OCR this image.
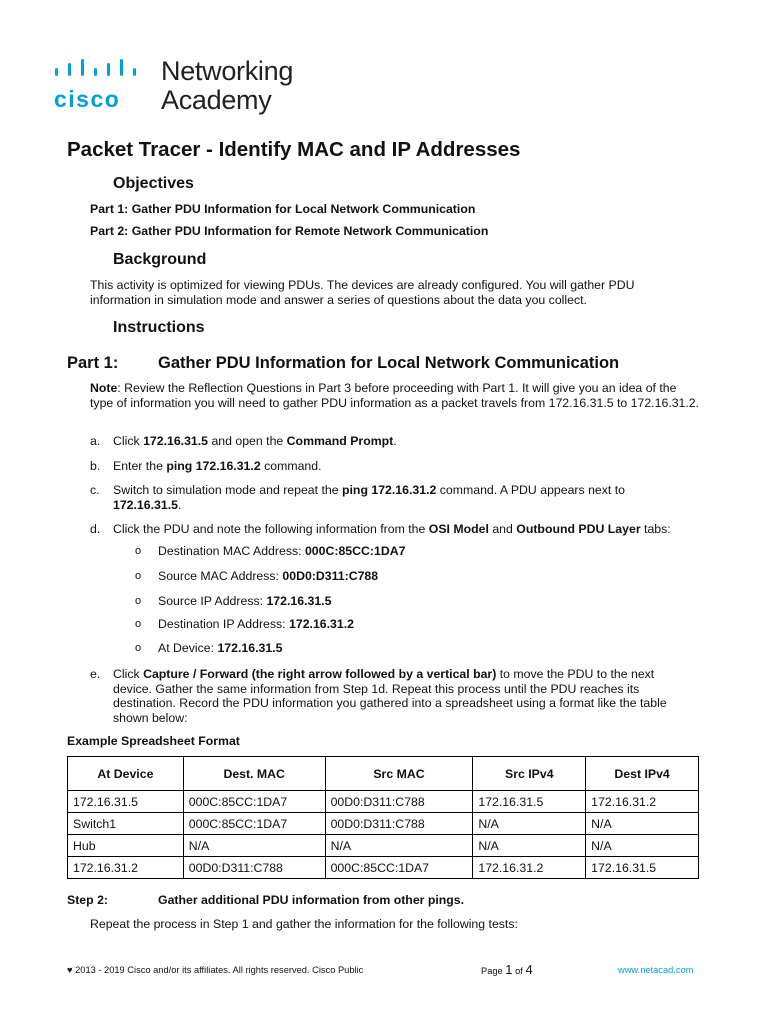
cisco.
Networking
Academy
Packet Tracer - Identify MAC and IP Addresses
Objectives
Part 1: Gather PDU Information for Local Network Communication
Part 2: Gather PDU Information for Remote Network Communication
Background
This activity is optimized for viewing PDUs. The devices are already configured. You will gather PDU information in simulation mode and answer a series of questions about the data you collect.
Instructions
Part 1: Gather PDU Information for Local Network Communication
Note: Review the Reflection Questions in Part 3 before proceeding with Part 1. It will give you an idea of the type of information you will need to gather PDU information as a packet travels from 172.16.31.5 to 172.16.31.2.
a. Click 172.16.31.5 and open the Command Prompt.
b. Enter the ping 172.16.31.2 command.
c. Switch to simulation mode and repeat the ping 172.16.31.2 command. A PDU appears next to 172.16.31.5.
d. Click the PDU and note the following information from the OSI Model and Outbound PDU Layer tabs:
o Destination MAC Address: 000C:85CC:1DA7
o Source MAC Address: 00D0:D311:C788
o Source IP Address: 172.16.31.5
o Destination IP Address: 172.16.31.2
o At Device: 172.16.31.5
e. Click Capture / Forward (the right arrow followed by a vertical bar) to move the PDU to the next device. Gather the same information from Step 1d. Repeat this process until the PDU reaches its destination. Record the PDU information you gathered into a spreadsheet using a format like the table shown below:
Example Spreadsheet Format
At Device	Dest. MAC	Src MAC	Src IPv4	Dest IPv4
172.16.31.5	000C:85CC:1DA7	00D0:D311:C788	172.16.31.5	172.16.31.2
Switch1	000C:85CC:1DA7	00D0:D311:C788	N/A	N/A
Hub	N/A	N/A	N/A	N/A
172.16.31.2	00D0:D311:C788	000C:85CC:1DA7	172.16.31.2	172.16.31.5
Step 2:	Gather additional PDU information from other pings.
Repeat the process in Step 1 and gather the information for the following tests:
♥ 2013 - 2019 Cisco and/or its affiliates. All rights reserved. Cisco Public	Page 1 of 4	www.netacad.com
